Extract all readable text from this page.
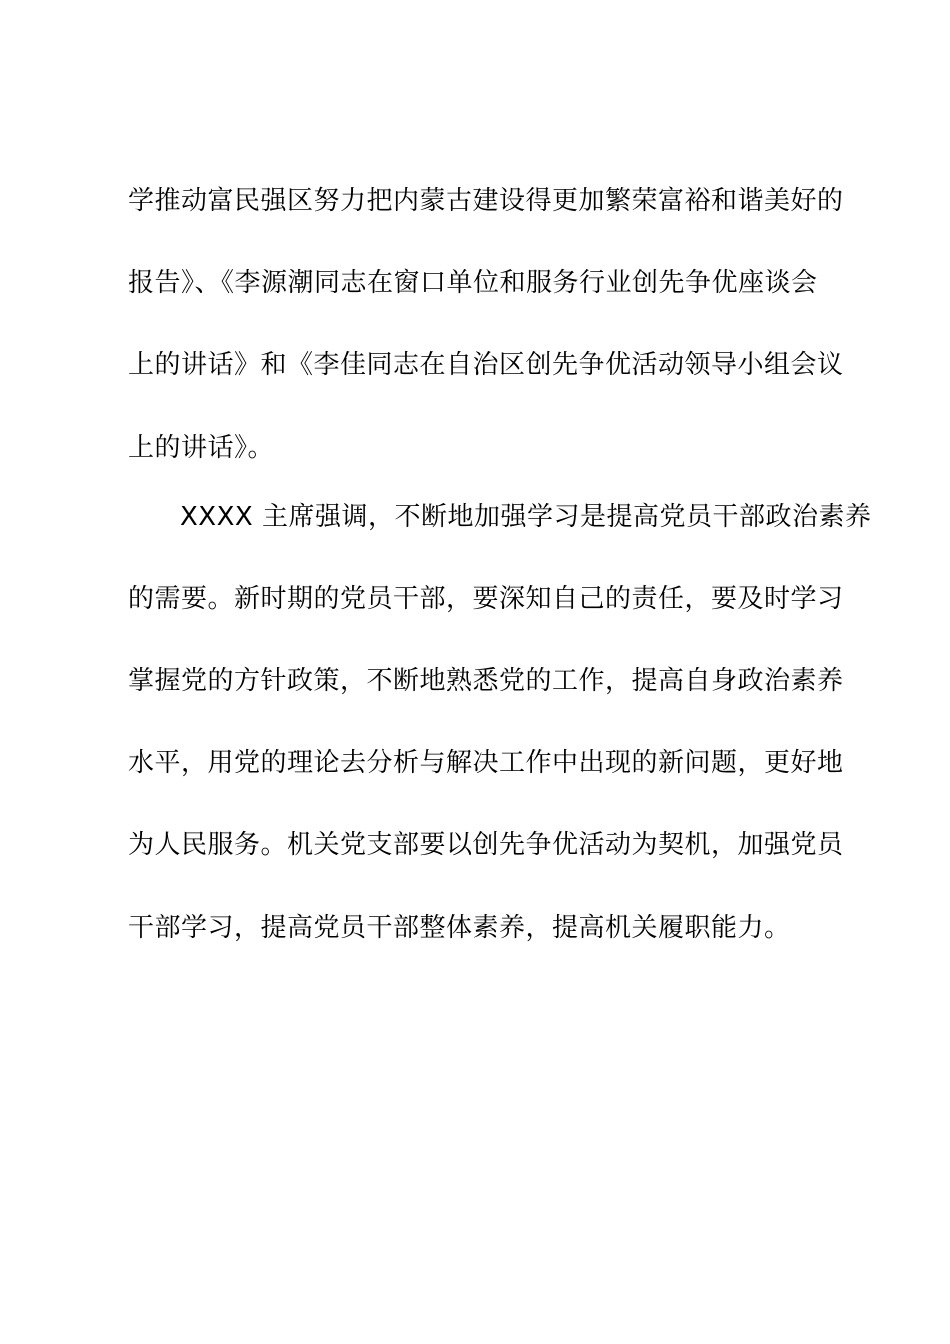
学推动富民强区努力把内蒙古建设得更加繁荣富裕和谐美好的
报告》、《李源潮同志在窗口单位和服务行业创先争优座谈会
上的讲话》和《李佳同志在自治区创先争优活动领导小组会议
上的讲话》。
XXXX 主席强调，不断地加强学习是提高党员干部政治素养
的需要。新时期的党员干部，要深知自己的责任，要及时学习
掌握党的方针政策，不断地熟悉党的工作，提高自身政治素养
水平，用党的理论去分析与解决工作中出现的新问题，更好地
为人民服务。机关党支部要以创先争优活动为契机，加强党员
干部学习，提高党员干部整体素养，提高机关履职能力。
